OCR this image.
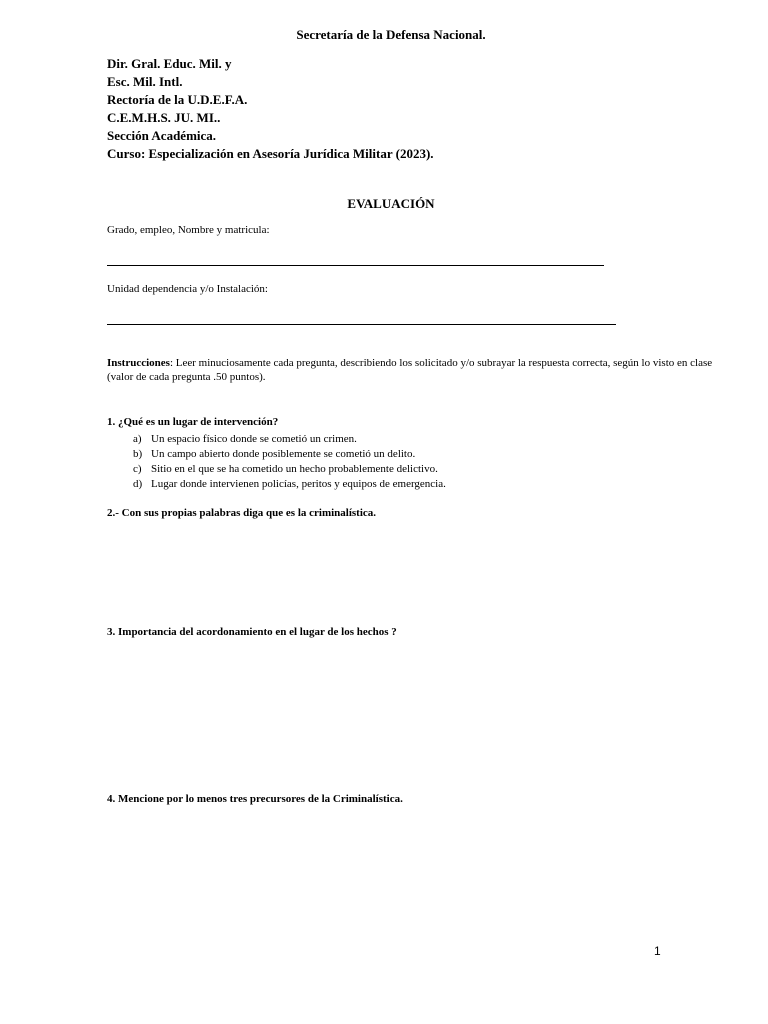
Secretaría de la Defensa Nacional.
Dir. Gral. Educ. Mil. y
Esc. Mil. Intl.
Rectoría de la U.D.E.F.A.
C.E.M.H.S. JU. MI..
Sección Académica.
Curso: Especialización en Asesoría Jurídica Militar (2023).
EVALUACIÓN
Grado, empleo, Nombre y matricula:
Unidad dependencia y/o Instalación:
Instrucciones: Leer minuciosamente cada pregunta, describiendo los solicitado y/o subrayar la respuesta correcta, según lo visto en clase
(valor de cada pregunta .50 puntos).
1. ¿Qué es un lugar de intervención?
a) Un espacio físico donde se cometió un crimen.
b) Un campo abierto donde posiblemente se cometió un delito.
c) Sitio en el que se ha cometido un hecho probablemente delictivo.
d) Lugar donde intervienen policías, peritos y equipos de emergencia.
2.- Con sus propias palabras diga que es la criminalística.
3. Importancia del acordonamiento en el lugar de los hechos ?
4. Mencione por lo menos tres precursores de la Criminalística.
1
